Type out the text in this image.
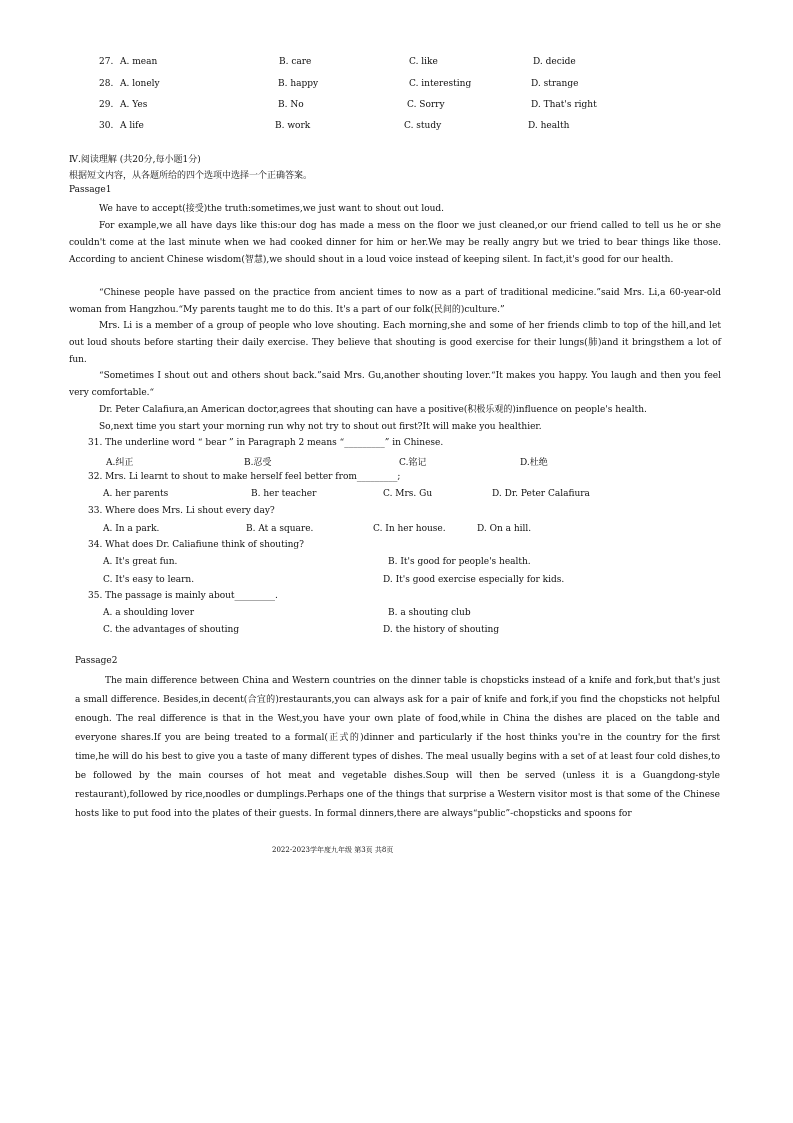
27. A. mean	B. care	C. like	D. decide
28. A. lonely	B. happy	C. interesting	D. strange
29. A. Yes	B. No	C. Sorry	D. That's right
30. A life	B. work	C. study	D. health
Ⅳ.阅读理解 (共20分,每小题1分)
根据短文内容，从各题所给的四个选项中选择一个正确答案。
Passage1
We have to accept(接受)the truth:sometimes,we just want to shout out loud.
For example,we all have days like this:our dog has made a mess on the floor we just cleaned,or our friend called to tell us he or she couldn't come at the last minute when we had cooked dinner for him or her.We may be really angry but we tried to bear things like those. According to ancient Chinese wisdom(智慧),we should shout in a loud voice instead of keeping silent. In fact,it's good for our health.
“Chinese people have passed on the practice from ancient times to now as a part of traditional medicine.”said Mrs. Li,a 60-year-old woman from Hangzhou.“My parents taught me to do this. It's a part of our folk(民间的)culture.”
Mrs. Li is a member of a group of people who love shouting. Each morning,she and some of her friends climb to top of the hill,and let out loud shouts before starting their daily exercise. They believe that shouting is good exercise for their lungs(肺)and it bringsthem a lot of fun.
“Sometimes I shout out and others shout back.”said Mrs. Gu,another shouting lover.“It makes you happy. You laugh and then you feel very comfortable.“
Dr. Peter Calafiura,an American doctor,agrees that shouting can have a positive(积极乐观的)influence on people's health.
So,next time you start your morning run why not try to shout out first?It will make you healthier.
31. The underline word “ bear ” in Paragraph 2 means “_________” in Chinese.
A.纠正	B.忍受	C.铭记	D.杜绝
32. Mrs. Li learnt to shout to make herself feel better from_________;
A. her parents	B. her teacher	C. Mrs. Gu	D. Dr. Peter Calafiura
33. Where does Mrs. Li shout every day?
A. In a park.	B. At a square.	C. In her house.	D. On a hill.
34. What does Dr. Caliafiune think of shouting?
A. It's great fun.	B. It's good for people's health.
C. It's easy to learn.	D. It's good exercise especially for kids.
35. The passage is mainly about_________.
A. a shoulding lover	B. a shouting club
C. the advantages of shouting	D. the history of shouting
Passage2
The main difference between China and Western countries on the dinner table is chopsticks instead of a knife and fork,but that's just a small difference. Besides,in decent(合宜的)restaurants,you can always ask for a pair of knife and fork,if you find the chopsticks not helpful enough. The real difference is that in the West,you have your own plate of food,while in China the dishes are placed on the table and everyone shares.If you are being treated to a formal(正式的)dinner and particularly if the host thinks you're in the country for the first time,he will do his best to give you a taste of many different types of dishes. The meal usually begins with a set of at least four cold dishes,to be followed by the main courses of hot meat and vegetable dishes.Soup will then be served (unless it is a Guangdong-style restaurant),followed by rice,noodles or dumplings.Perhaps one of the things that surprise a Western visitor most is that some of the Chinese hosts like to put food into the plates of their guests. In formal dinners,there are always“public”-chopsticks and spoons for
2022-2023学年度九年级 第3页 共8页
